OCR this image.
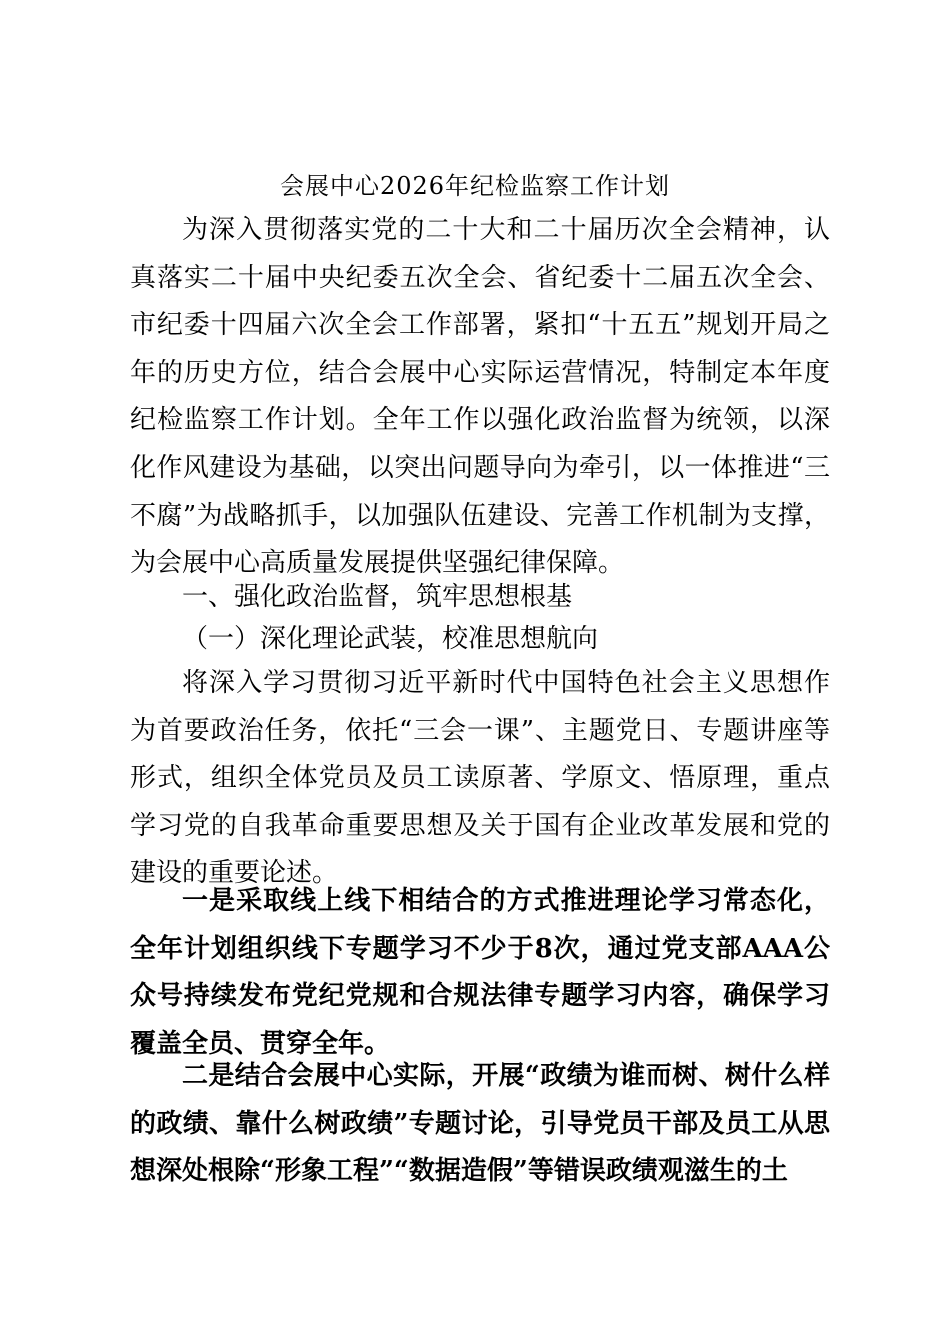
会展中心2026年纪检监察工作计划

为深入贯彻落实党的二十大和二十届历次全会精神，认真落实二十届中央纪委五次全会、省纪委十二届五次全会、市纪委十四届六次全会工作部署，紧扣“十五五”规划开局之年的历史方位，结合会展中心实际运营情况，特制定本年度纪检监察工作计划。全年工作以强化政治监督为统领，以深化作风建设为基础，以突出问题导向为牵引，以一体推进“三不腐”为战略抓手，以加强队伍建设、完善工作机制为支撑，为会展中心高质量发展提供坚强纪律保障。

一、强化政治监督，筑牢思想根基
（一）深化理论武装，校准思想航向

将深入学习贯彻习近平新时代中国特色社会主义思想作为首要政治任务，依托“三会一课”、主题党日、专题讲座等形式，组织全体党员及员工读原著、学原文、悟原理，重点学习党的自我革命重要思想及关于国有企业改革发展和党的建设的重要论述。

一是采取线上线下相结合的方式推进理论学习常态化，全年计划组织线下专题学习不少于8次，通过党支部AAA公众号持续发布党纪党规和合规法律专题学习内容，确保学习覆盖全员、贯穿全年。

二是结合会展中心实际，开展“政绩为谁而树、树什么样的政绩、靠什么树政绩”专题讨论，引导党员干部及员工从思想深处根除“形象工程”“数据造假”等错误政绩观滋生的土
